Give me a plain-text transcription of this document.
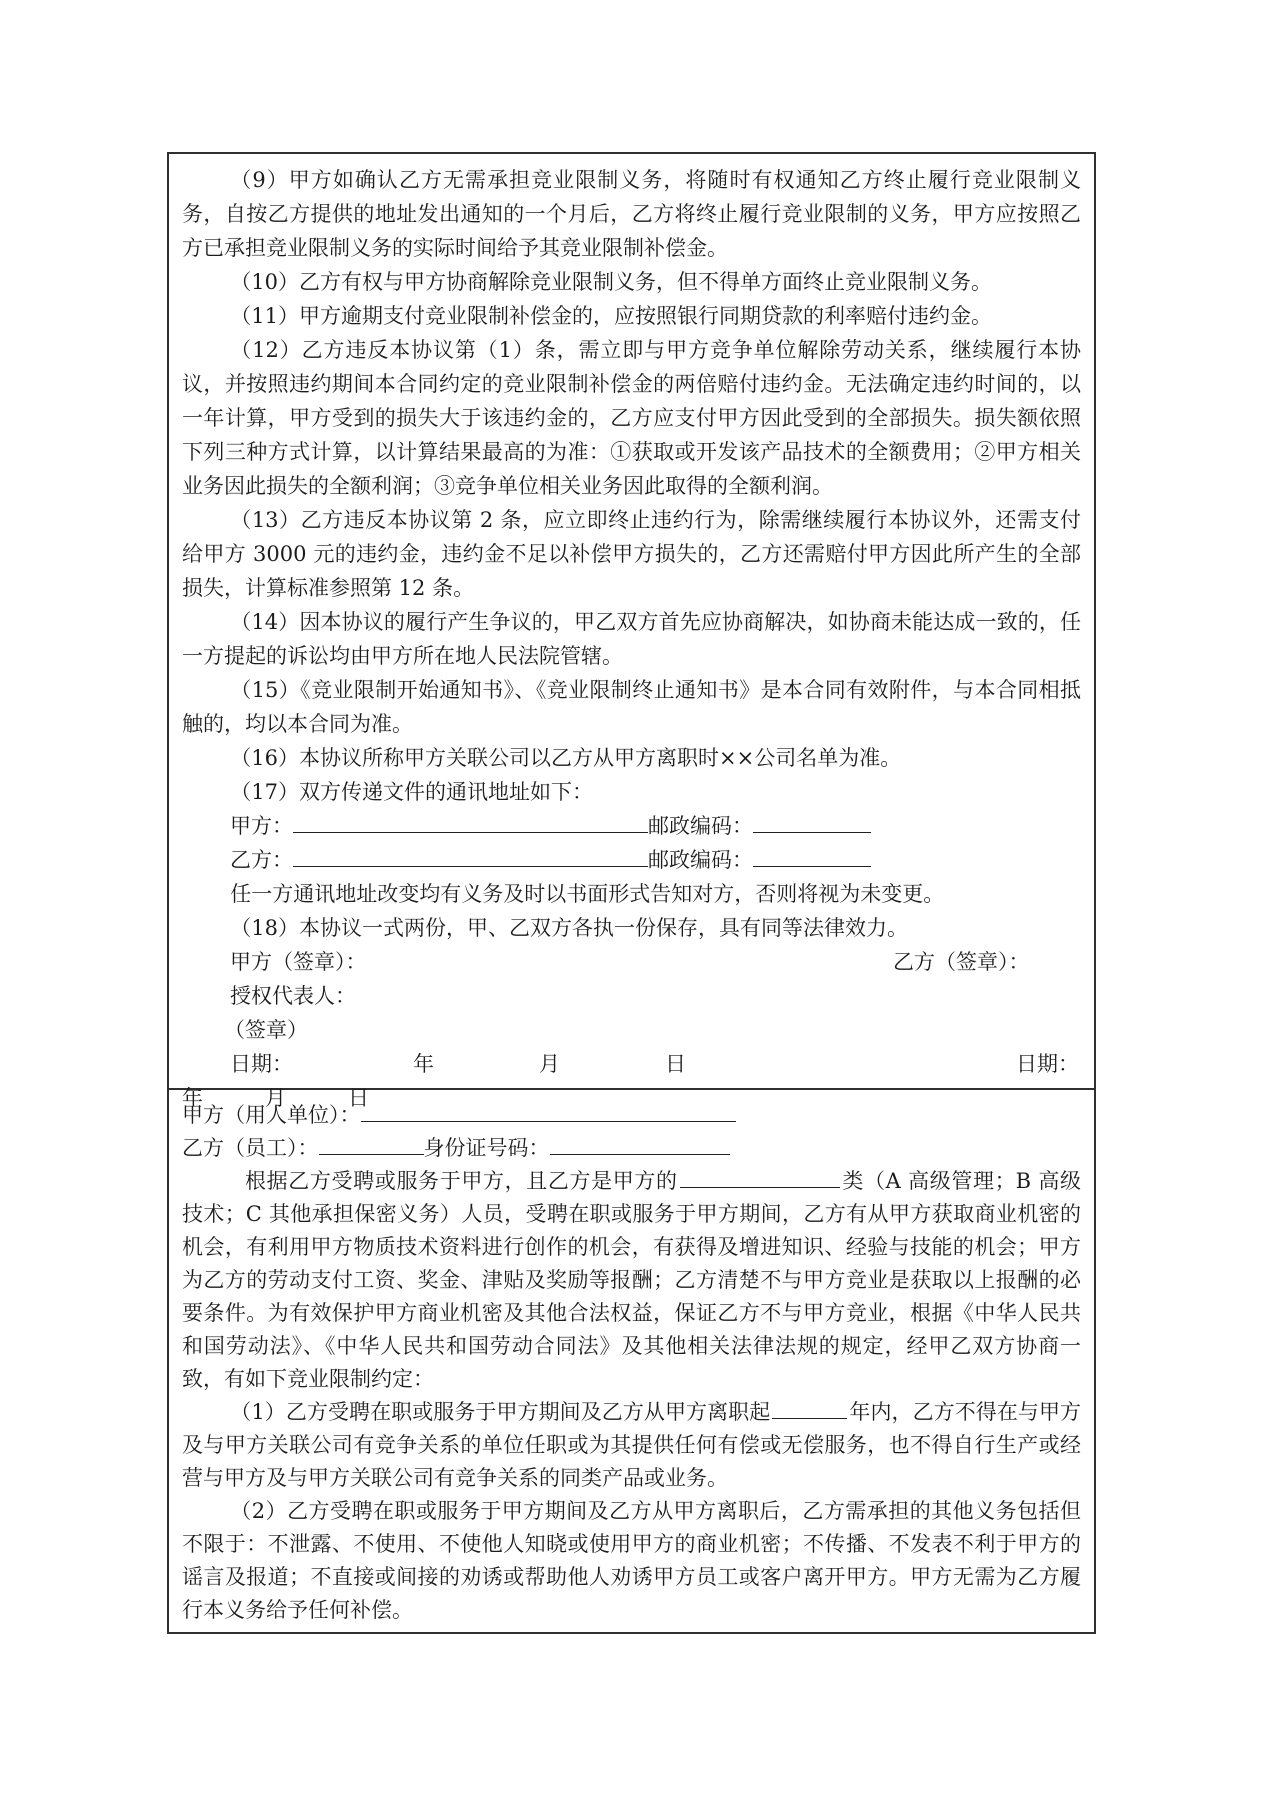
（9）甲方如确认乙方无需承担竞业限制义务，将随时有权通知乙方终止履行竞业限制义务，自按乙方提供的地址发出通知的一个月后，乙方将终止履行竞业限制的义务，甲方应按照乙方已承担竞业限制义务的实际时间给予其竞业限制补偿金。

（10）乙方有权与甲方协商解除竞业限制义务，但不得单方面终止竞业限制义务。

（11）甲方逾期支付竞业限制补偿金的，应按照银行同期贷款的利率赔付违约金。

（12）乙方违反本协议第（1）条，需立即与甲方竞争单位解除劳动关系，继续履行本协议，并按照违约期间本合同约定的竞业限制补偿金的两倍赔付违约金。无法确定违约时间的，以一年计算，甲方受到的损失大于该违约金的，乙方应支付甲方因此受到的全部损失。损失额依照下列三种方式计算，以计算结果最高的为准：①获取或开发该产品技术的全额费用；②甲方相关业务因此损失的全额利润；③竞争单位相关业务因此取得的全额利润。

（13）乙方违反本协议第 2 条，应立即终止违约行为，除需继续履行本协议外，还需支付给甲方 3000 元的违约金，违约金不足以补偿甲方损失的，乙方还需赔付甲方因此所产生的全部损失，计算标准参照第 12 条。

（14）因本协议的履行产生争议的，甲乙双方首先应协商解决，如协商未能达成一致的，任一方提起的诉讼均由甲方所在地人民法院管辖。

（15）《竞业限制开始通知书》、《竞业限制终止通知书》是本合同有效附件，与本合同相抵触的，均以本合同为准。

（16）本协议所称甲方关联公司以乙方从甲方离职时××公司名单为准。

（17）双方传递文件的通讯地址如下：

甲方：	邮政编码：
乙方：	邮政编码：

任一方通讯地址改变均有义务及时以书面形式告知对方，否则将视为未变更。

（18）本协议一式两份，甲、乙双方各执一份保存，具有同等法律效力。

甲方（签章）：	乙方（签章）：
授权代表人：
（签章）
日期：	年	月	日	日期：
年	月	日
甲方（用人单位）：
乙方（员工）：	身份证号码：

根据乙方受聘或服务于甲方，且乙方是甲方的	类（A 高级管理；B 高级技术；C 其他承担保密义务）人员，受聘在职或服务于甲方期间，乙方有从甲方获取商业机密的机会，有利用甲方物质技术资料进行创作的机会，有获得及增进知识、经验与技能的机会；甲方为乙方的劳动支付工资、奖金、津贴及奖励等报酬；乙方清楚不与甲方竞业是获取以上报酬的必要条件。为有效保护甲方商业机密及其他合法权益，保证乙方不与甲方竞业，根据《中华人民共和国劳动法》、《中华人民共和国劳动合同法》及其他相关法律法规的规定，经甲乙双方协商一致，有如下竞业限制约定：

（1）乙方受聘在职或服务于甲方期间及乙方从甲方离职起	年内，乙方不得在与甲方及与甲方关联公司有竞争关系的单位任职或为其提供任何有偿或无偿服务，也不得自行生产或经营与甲方及与甲方关联公司有竞争关系的同类产品或业务。

（2）乙方受聘在职或服务于甲方期间及乙方从甲方离职后，乙方需承担的其他义务包括但不限于：不泄露、不使用、不使他人知晓或使用甲方的商业机密；不传播、不发表不利于甲方的谣言及报道；不直接或间接的劝诱或帮助他人劝诱甲方员工或客户离开甲方。甲方无需为乙方履行本义务给予任何补偿。
